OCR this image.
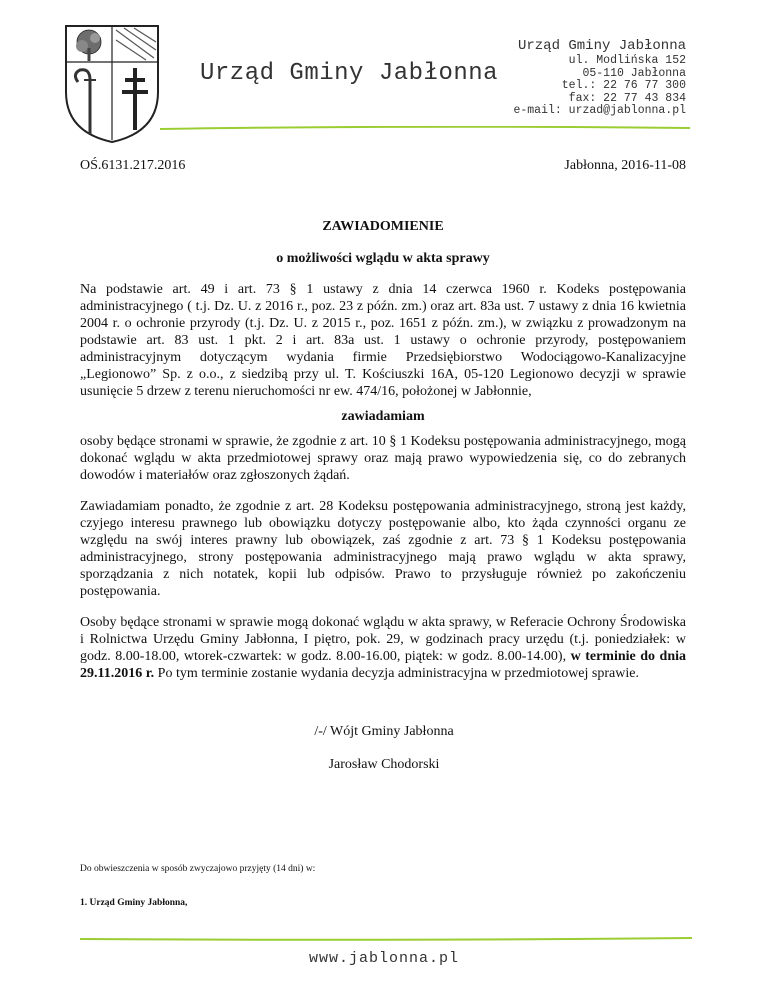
Urząd Gminy Jabłonna
Urząd Gminy Jabłonna
ul. Modlińska 152
05-110 Jabłonna
tel.: 22 76 77 300
fax: 22 77 43 834
e-mail: urzad@jablonna.pl
OŚ.6131.217.2016	Jabłonna, 2016-11-08

ZAWIADOMIENIE

o możliwości wglądu w akta sprawy

Na podstawie art. 49 i art. 73 § 1 ustawy z dnia 14 czerwca 1960 r. Kodeks postępowania administracyjnego ( t.j. Dz. U. z 2016 r., poz. 23 z późn. zm.) oraz art. 83a ust. 7 ustawy z dnia 16 kwietnia 2004 r. o ochronie przyrody (t.j. Dz. U. z 2015 r., poz. 1651 z późn. zm.), w związku z prowadzonym na podstawie art. 83 ust. 1 pkt. 2 i art. 83a ust. 1 ustawy o ochronie przyrody, postępowaniem administracyjnym dotyczącym wydania firmie Przedsiębiorstwo Wodociągowo-Kanalizacyjne „Legionowo” Sp. z o.o., z siedzibą przy ul. T. Kościuszki 16A, 05-120 Legionowo decyzji w sprawie usunięcie 5 drzew z terenu nieruchomości nr ew. 474/16, położonej w Jabłonnie,

zawiadamiam

osoby będące stronami w sprawie, że zgodnie z art. 10 § 1 Kodeksu postępowania administracyjnego, mogą dokonać wglądu w akta przedmiotowej sprawy oraz mają prawo wypowiedzenia się, co do zebranych dowodów i materiałów oraz zgłoszonych żądań.

Zawiadamiam ponadto, że zgodnie z art. 28 Kodeksu postępowania administracyjnego, stroną jest każdy, czyjego interesu prawnego lub obowiązku dotyczy postępowanie albo, kto żąda czynności organu ze względu na swój interes prawny lub obowiązek, zaś zgodnie z art. 73 § 1 Kodeksu postępowania administracyjnego, strony postępowania administracyjnego mają prawo wglądu w akta sprawy, sporządzania z nich notatek, kopii lub odpisów. Prawo to przysługuje również po zakończeniu postępowania.

Osoby będące stronami w sprawie mogą dokonać wglądu w akta sprawy, w Referacie Ochrony Środowiska i Rolnictwa Urzędu Gminy Jabłonna, I piętro, pok. 29, w godzinach pracy urzędu (t.j. poniedziałek: w godz. 8.00-18.00, wtorek-czwartek: w godz. 8.00-16.00, piątek: w godz. 8.00-14.00), w terminie do dnia 29.11.2016 r. Po tym terminie zostanie wydania decyzja administracyjna w przedmiotowej sprawie.

/-/ Wójt Gminy Jabłonna
Jarosław Chodorski
Do obwieszczenia w sposób zwyczajowo przyjęty (14 dni) w:
1. Urząd Gminy Jabłonna,
www.jablonna.pl
